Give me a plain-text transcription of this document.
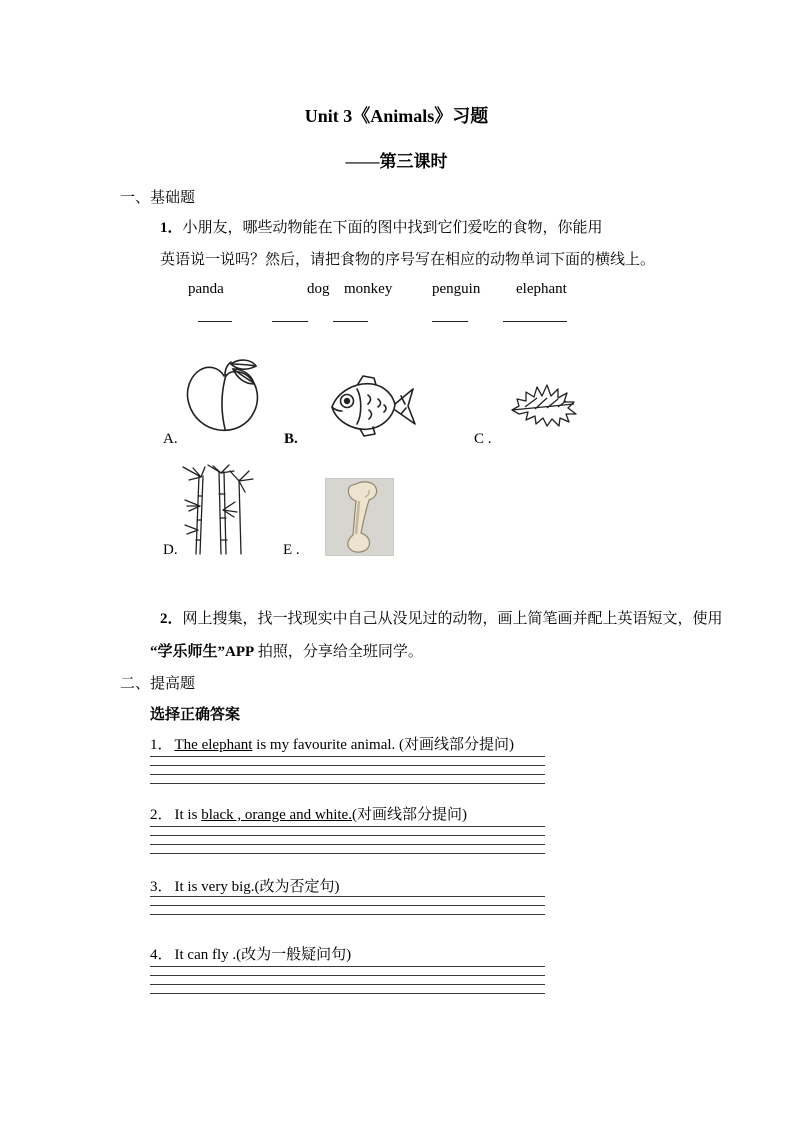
Unit 3《Animals》习题
——第三课时
一、基础题

1．小朋友，哪些动物能在下面的图中找到它们爱吃的食物，你能用

英语说一说吗？然后，请把食物的序号写在相应的动物单词下面的横线上。

panda	dog monkey	penguin elephant
A.	B.	C .
D.	E .

2．网上搜集，找一找现实中自己从没见过的动物，画上简笔画并配上英语短文，使用

“学乐师生”APP 拍照，分享给全班同学。

二、提高题
选择正确答案
1． The elephant is my favourite animal. (对画线部分提问)
2． It is black , orange and white.(对画线部分提问)
3． It is very big.(改为否定句)
4． It can fly .(改为一般疑问句)
